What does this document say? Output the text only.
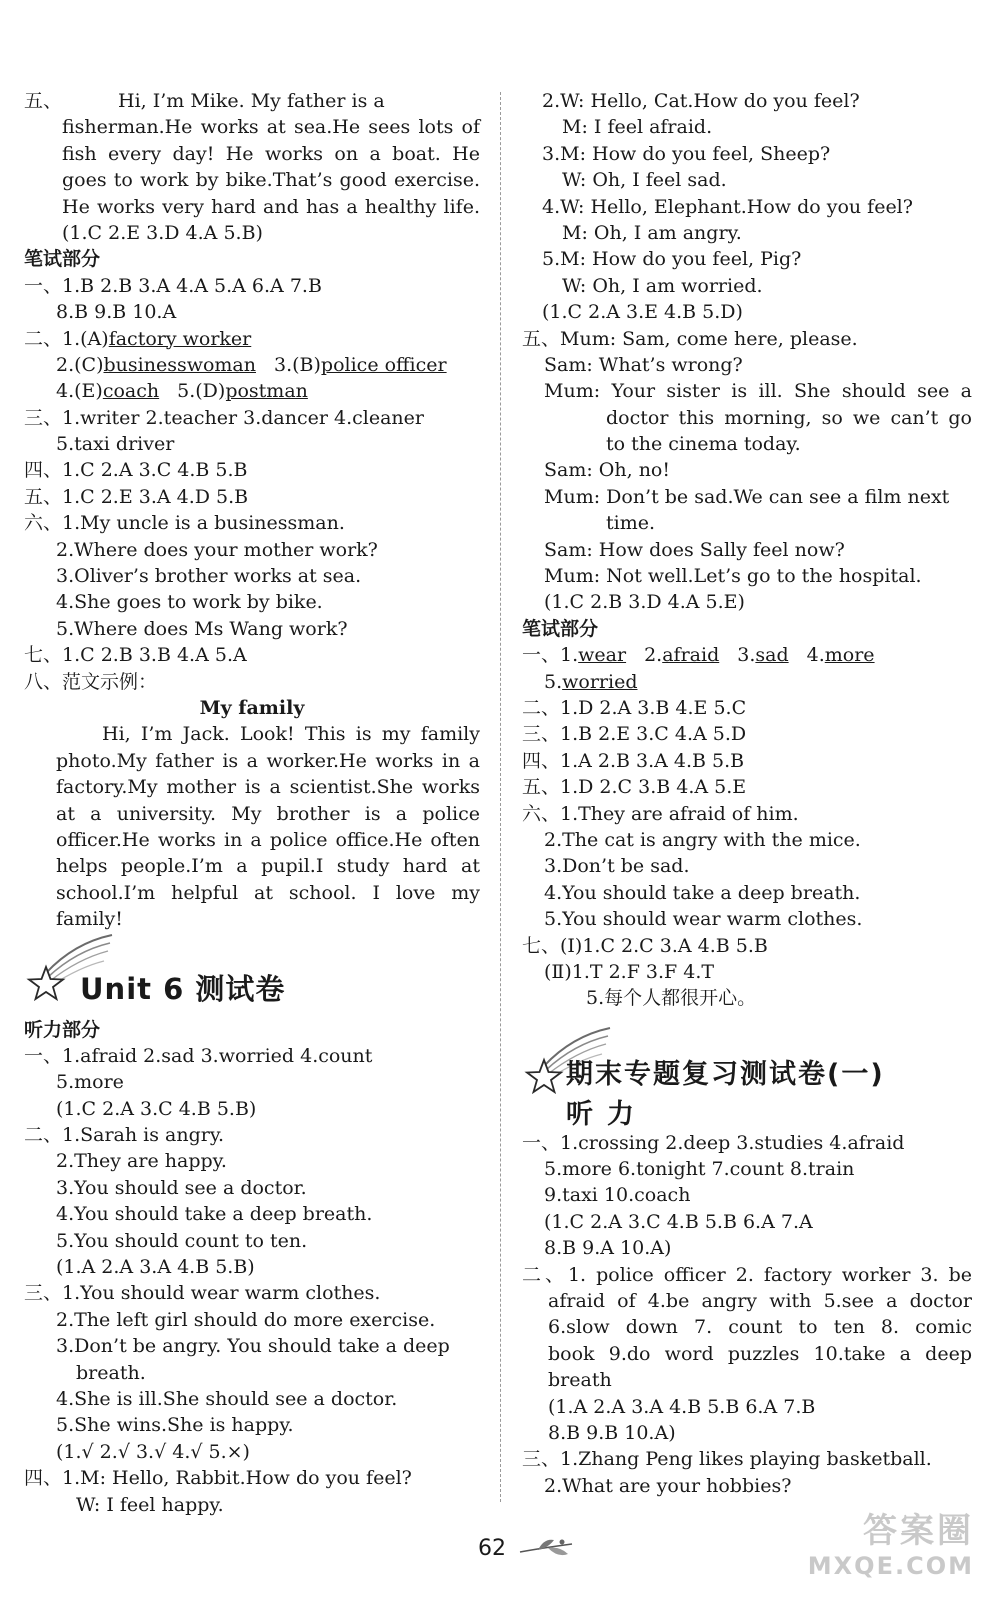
五、	Hi, I’m Mike. My father is a
fisherman.He works at sea.He sees lots of
fish every day! He works on a boat. He
goes to work by bike.That’s good exercise.
He works very hard and has a healthy life.
(1.C 2.E 3.D 4.A 5.B)
笔试部分
一、1.B 2.B 3.A 4.A 5.A 6.A 7.B
8.B 9.B 10.A
二、1.(A)factory worker
2.(C)businesswoman 3.(B)police officer
4.(E)coach 5.(D)postman
三、1.writer 2.teacher 3.dancer 4.cleaner
5.taxi driver
四、1.C 2.A 3.C 4.B 5.B
五、1.C 2.E 3.A 4.D 5.B
六、1.My uncle is a businessman.
2.Where does your mother work?
3.Oliver’s brother works at sea.
4.She goes to work by bike.
5.Where does Ms Wang work?
七、1.C 2.B 3.B 4.A 5.A
八、范文示例：
My family
Hi, I’m Jack. Look! This is my family
photo.My father is a worker.He works in a
factory.My mother is a scientist.She works
at a university. My brother is a police
officer.He works in a police office.He often
helps people.I’m a pupil.I study hard at
school.I’m helpful at school. I love my
family!
Unit 6 测试卷
听力部分
一、1.afraid 2.sad 3.worried 4.count
5.more
(1.C 2.A 3.C 4.B 5.B)
二、1.Sarah is angry.
2.They are happy.
3.You should see a doctor.
4.You should take a deep breath.
5.You should count to ten.
(1.A 2.A 3.A 4.B 5.B)
三、1.You should wear warm clothes.
2.The left girl should do more exercise.
3.Don’t be angry. You should take a deep
breath.
4.She is ill.She should see a doctor.
5.She wins.She is happy.
(1.√ 2.√ 3.√ 4.√ 5.×)
四、1.M: Hello, Rabbit.How do you feel?
W: I feel happy.
2.W: Hello, Cat.How do you feel?
M: I feel afraid.
3.M: How do you feel, Sheep?
W: Oh, I feel sad.
4.W: Hello, Elephant.How do you feel?
M: Oh, I am angry.
5.M: How do you feel, Pig?
W: Oh, I am worried.
(1.C 2.A 3.E 4.B 5.D)
五、Mum: Sam, come here, please.
Sam: What’s wrong?
Mum: Your sister is ill. She should see a
doctor this morning, so we can’t go
to the cinema today.
Sam: Oh, no!
Mum: Don’t be sad.We can see a film next
time.
Sam: How does Sally feel now?
Mum: Not well.Let’s go to the hospital.
(1.C 2.B 3.D 4.A 5.E)
笔试部分
一、1.wear 2.afraid 3.sad 4.more
5.worried
二、1.D 2.A 3.B 4.E 5.C
三、1.B 2.E 3.C 4.A 5.D
四、1.A 2.B 3.A 4.B 5.B
五、1.D 2.C 3.B 4.A 5.E
六、1.They are afraid of him.
2.The cat is angry with the mice.
3.Don’t be sad.
4.You should take a deep breath.
5.You should wear warm clothes.
七、(Ⅰ)1.C 2.C 3.A 4.B 5.B
(Ⅱ)1.T 2.F 3.F 4.T
5.每个人都很开心。
期末专题复习测试卷(一)
听力
一、1.crossing 2.deep 3.studies 4.afraid
5.more 6.tonight 7.count 8.train
9.taxi 10.coach
(1.C 2.A 3.C 4.B 5.B 6.A 7.A
8.B 9.A 10.A)
二、1. police officer 2. factory worker 3. be
afraid of 4.be angry with 5.see a doctor
6.slow down 7. count to ten 8. comic
book 9.do word puzzles 10.take a deep
breath
(1.A 2.A 3.A 4.B 5.B 6.A 7.B
8.B 9.B 10.A)
三、1.Zhang Peng likes playing basketball.
2.What are your hobbies?
62	答案圈
MXQE.COM
